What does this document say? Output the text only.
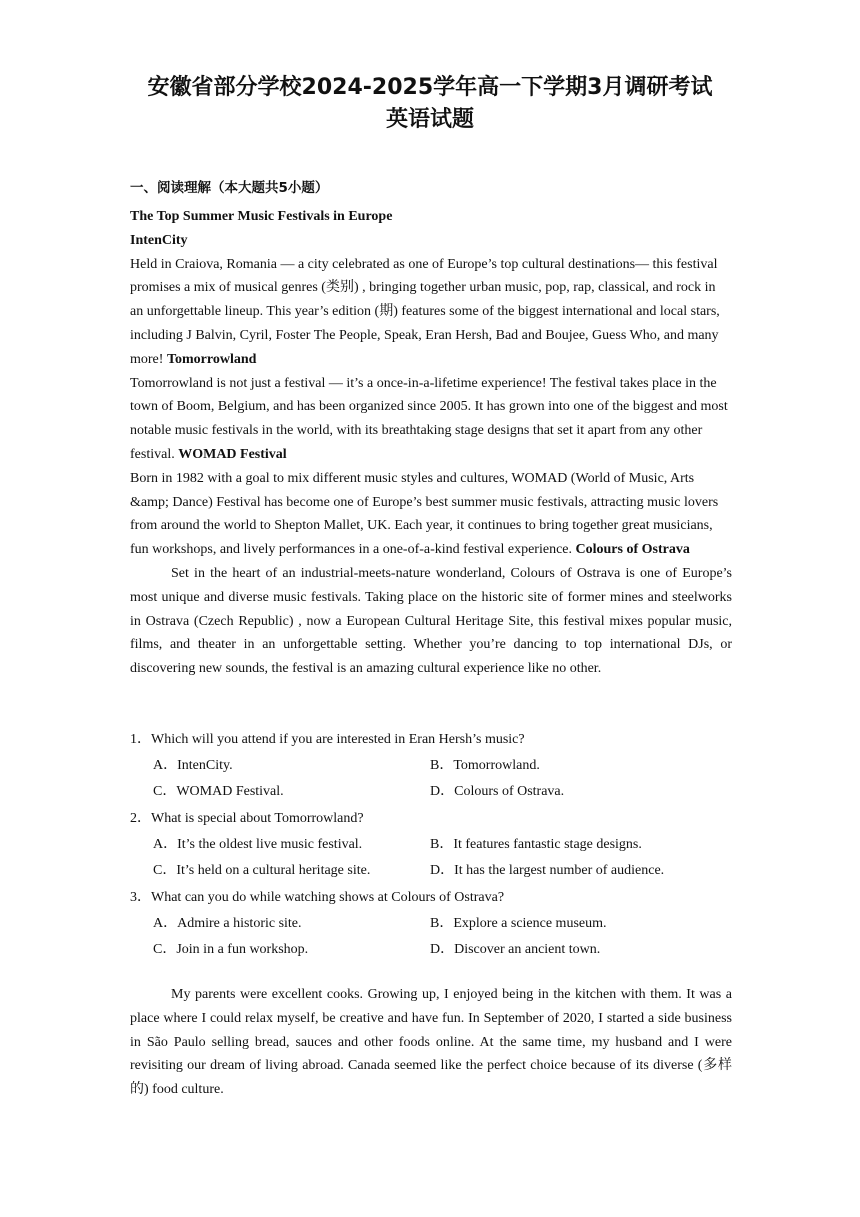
安徽省部分学校2024-2025学年高一下学期3月调研考试
英语试题
一、阅读理解（本大题共5小题）

The Top Summer Music Festivals in Europe

IntenCity

Held in Craiova, Romania — a city celebrated as one of Europe’s top cultural destinations— this festival promises a mix of musical genres (类别) , bringing together urban music, pop, rap, classical, and rock in an unforgettable lineup. This year’s edition (期) features some of the biggest international and local stars, including J Balvin, Cyril, Foster The People, Speak, Eran Hersh, Bad and Boujee, Guess Who, and many more! Tomorrowland

Tomorrowland is not just a festival — it’s a once-in-a-lifetime experience! The festival takes place in the town of Boom, Belgium, and has been organized since 2005. It has grown into one of the biggest and most notable music festivals in the world, with its breathtaking stage designs that set it apart from any other festival. WOMAD Festival

Born in 1982 with a goal to mix different music styles and cultures, WOMAD (World of Music, Arts &amp; Dance) Festival has become one of Europe’s best summer music festivals, attracting music lovers from around the world to Shepton Mallet, UK. Each year, it continues to bring together great musicians, fun workshops, and lively performances in a one-of-a-kind festival experience. Colours of Ostrava

Set in the heart of an industrial-meets-nature wonderland, Colours of Ostrava is one of Europe’s most unique and diverse music festivals. Taking place on the historic site of former mines and steelworks in Ostrava (Czech Republic) , now a European Cultural Heritage Site, this festival mixes popular music, films, and theater in an unforgettable setting. Whether you’re dancing to top international DJs, or discovering new sounds, the festival is an amazing cultural experience like no other.

1．Which will you attend if you are interested in Eran Hersh’s music?
A．IntenCity.	B．Tomorrowland.
C．WOMAD Festival.	D．Colours of Ostrava.
2．What is special about Tomorrowland?
A．It’s the oldest live music festival.	B．It features fantastic stage designs.
C．It’s held on a cultural heritage site.	D．It has the largest number of audience.
3．What can you do while watching shows at Colours of Ostrava?
A．Admire a historic site.	B．Explore a science museum.
C．Join in a fun workshop.	D．Discover an ancient town.
My parents were excellent cooks. Growing up, I enjoyed being in the kitchen with them. It was a place where I could relax myself, be creative and have fun. In September of 2020, I started a side business in São Paulo selling bread, sauces and other foods online. At the same time, my husband and I were revisiting our dream of living abroad. Canada seemed like the perfect choice because of its diverse (多样的) food culture.
